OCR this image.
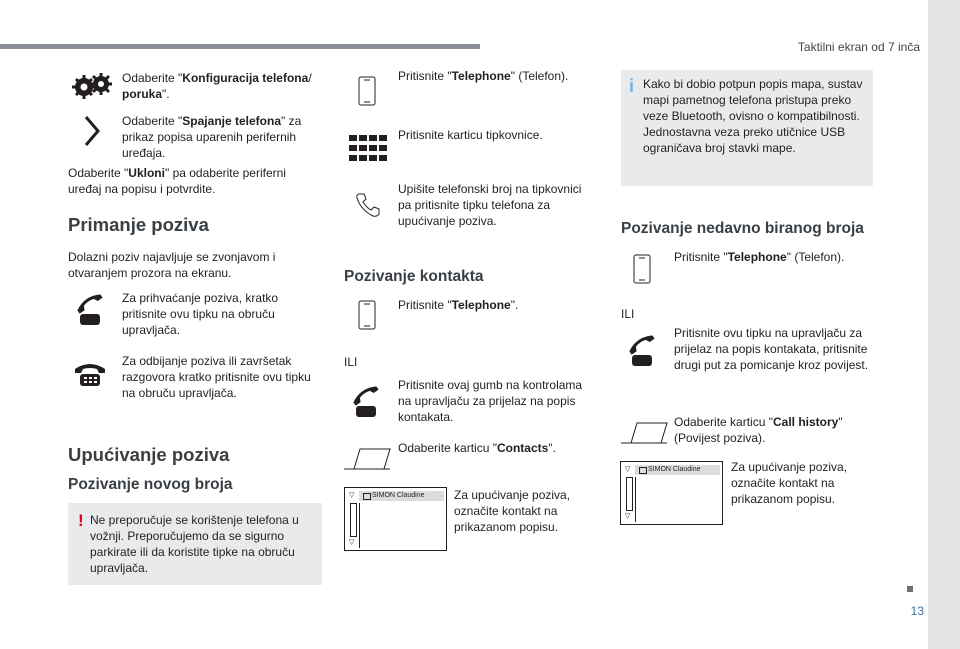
Taktilni ekran od 7 inča
13
Odaberite "Konfiguracija telefona/ poruka".
Odaberite "Spajanje telefona" za prikaz popisa uparenih perifernih uređaja.
Odaberite "Ukloni" pa odaberite periferni uređaj na popisu i potvrdite.
Primanje poziva
Dolazni poziv najavljuje se zvonjavom i otvaranjem prozora na ekranu.
Za prihvaćanje poziva, kratko pritisnite ovu tipku na obruču upravljača.
Za odbijanje poziva ili završetak razgovora kratko pritisnite ovu tipku na obruču upravljača.
Upućivanje poziva
Pozivanje novog broja
! Ne preporučuje se korištenje telefona u vožnji. Preporučujemo da se sigurno parkirate ili da koristite tipke na obruču upravljača.
Pritisnite "Telephone" (Telefon).
Pritisnite karticu tipkovnice.
Upišite telefonski broj na tipkovnici pa pritisnite tipku telefona za upućivanje poziva.
Pozivanje kontakta
Pritisnite "Telephone".
ILI
Pritisnite ovaj gumb na kontrolama na upravljaču za prijelaz na popis kontakata.
Odaberite karticu "Contacts".
SIMON Claudine
▽
▽
Za upućivanje poziva, označite kontakt na prikazanom popisu.
i Kako bi dobio potpun popis mapa, sustav mapi pametnog telefona pristupa preko veze Bluetooth, ovisno o kompatibilnosti. Jednostavna veza preko utičnice USB ograničava broj stavki mape.
Pozivanje nedavno biranog broja
Pritisnite "Telephone" (Telefon).
ILI
Pritisnite ovu tipku na upravljaču za prijelaz na popis kontakata, pritisnite drugi put za pomicanje kroz povijest.
Odaberite karticu "Call history" (Povijest poziva).
SIMON Claudine
▽
▽
Za upućivanje poziva, označite kontakt na prikazanom popisu.
